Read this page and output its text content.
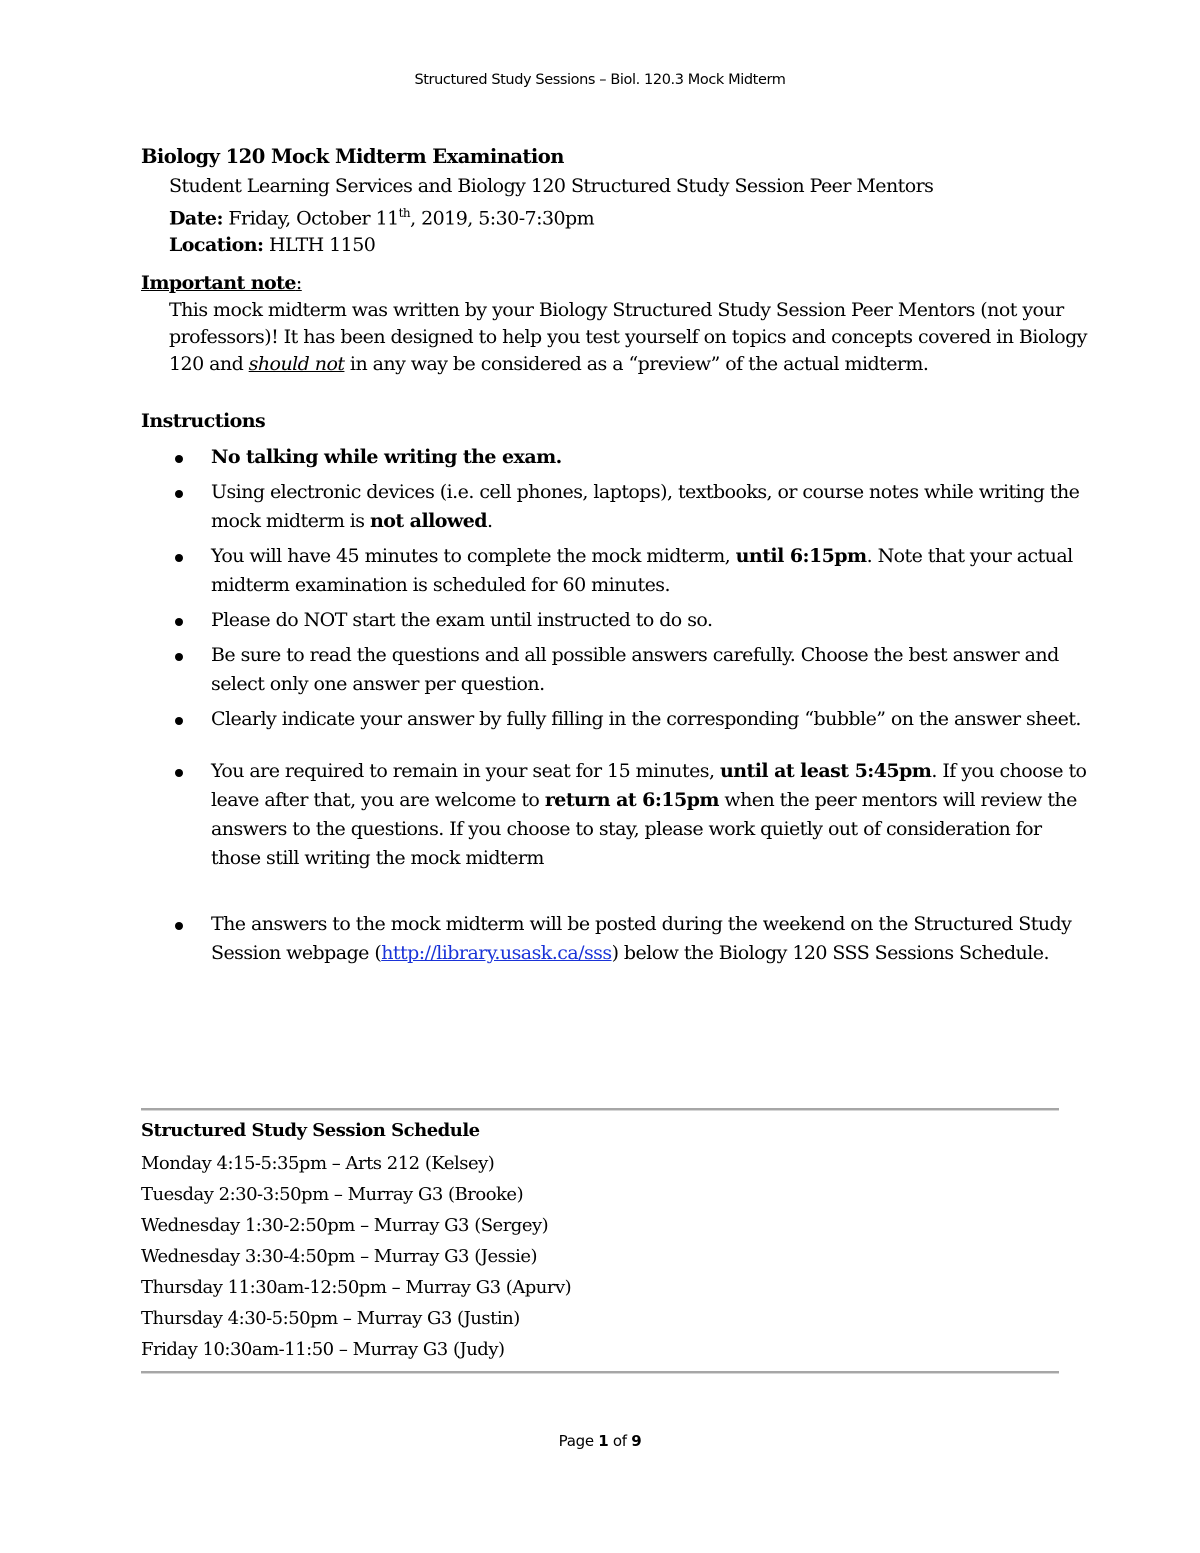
Structured Study Sessions – Biol. 120.3 Mock Midterm
Biology 120 Mock Midterm Examination
Student Learning Services and Biology 120 Structured Study Session Peer Mentors
Date: Friday, October 11th, 2019, 5:30-7:30pm
Location: HLTH 1150
Important note:
This mock midterm was written by your Biology Structured Study Session Peer Mentors (not your professors)! It has been designed to help you test yourself on topics and concepts covered in Biology 120 and should not in any way be considered as a “preview” of the actual midterm.
Instructions
No talking while writing the exam.
Using electronic devices (i.e. cell phones, laptops), textbooks, or course notes while writing the mock midterm is not allowed.
You will have 45 minutes to complete the mock midterm, until 6:15pm. Note that your actual midterm examination is scheduled for 60 minutes.
Please do NOT start the exam until instructed to do so.
Be sure to read the questions and all possible answers carefully. Choose the best answer and select only one answer per question.
Clearly indicate your answer by fully filling in the corresponding “bubble” on the answer sheet.
You are required to remain in your seat for 15 minutes, until at least 5:45pm. If you choose to leave after that, you are welcome to return at 6:15pm when the peer mentors will review the answers to the questions. If you choose to stay, please work quietly out of consideration for those still writing the mock midterm
The answers to the mock midterm will be posted during the weekend on the Structured Study Session webpage (http://library.usask.ca/sss) below the Biology 120 SSS Sessions Schedule.
Structured Study Session Schedule
Monday 4:15-5:35pm – Arts 212 (Kelsey)
Tuesday 2:30-3:50pm – Murray G3 (Brooke)
Wednesday 1:30-2:50pm – Murray G3 (Sergey)
Wednesday 3:30-4:50pm – Murray G3 (Jessie)
Thursday 11:30am-12:50pm – Murray G3 (Apurv)
Thursday 4:30-5:50pm – Murray G3 (Justin)
Friday 10:30am-11:50 – Murray G3 (Judy)
Page 1 of 9
